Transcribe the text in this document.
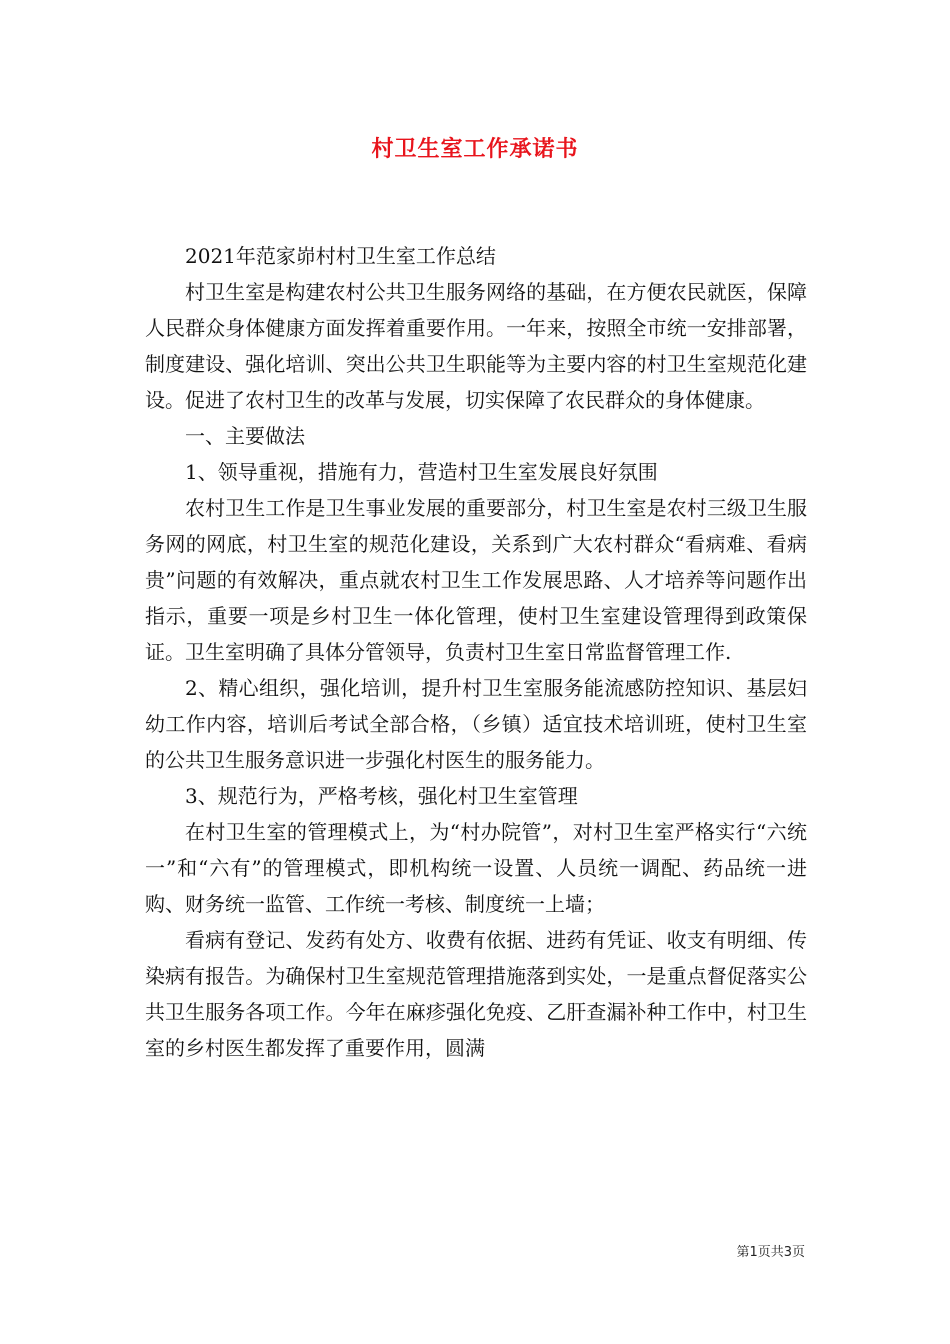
村卫生室工作承诺书

2021年范家峁村村卫生室工作总结

村卫生室是构建农村公共卫生服务网络的基础，在方便农民就医，保障人民群众身体健康方面发挥着重要作用。一年来，按照全市统一安排部署，制度建设、强化培训、突出公共卫生职能等为主要内容的村卫生室规范化建设。促进了农村卫生的改革与发展，切实保障了农民群众的身体健康。

一、主要做法

1、领导重视，措施有力，营造村卫生室发展良好氛围

农村卫生工作是卫生事业发展的重要部分，村卫生室是农村三级卫生服务网的网底，村卫生室的规范化建设，关系到广大农村群众“看病难、看病贵”问题的有效解决，重点就农村卫生工作发展思路、人才培养等问题作出指示，重要一项是乡村卫生一体化管理，使村卫生室建设管理得到政策保证。卫生室明确了具体分管领导，负责村卫生室日常监督管理工作.

2、精心组织，强化培训，提升村卫生室服务能流感防控知识、基层妇幼工作内容，培训后考试全部合格，（乡镇）适宜技术培训班，使村卫生室的公共卫生服务意识进一步强化村医生的服务能力。

3、规范行为，严格考核，强化村卫生室管理

在村卫生室的管理模式上，为“村办院管”，对村卫生室严格实行“六统一”和“六有”的管理模式，即机构统一设置、人员统一调配、药品统一进购、财务统一监管、工作统一考核、制度统一上墙；

看病有登记、发药有处方、收费有依据、进药有凭证、收支有明细、传染病有报告。为确保村卫生室规范管理措施落到实处，一是重点督促落实公共卫生服务各项工作。今年在麻疹强化免疫、乙肝查漏补种工作中，村卫生室的乡村医生都发挥了重要作用，圆满

第1页共3页
